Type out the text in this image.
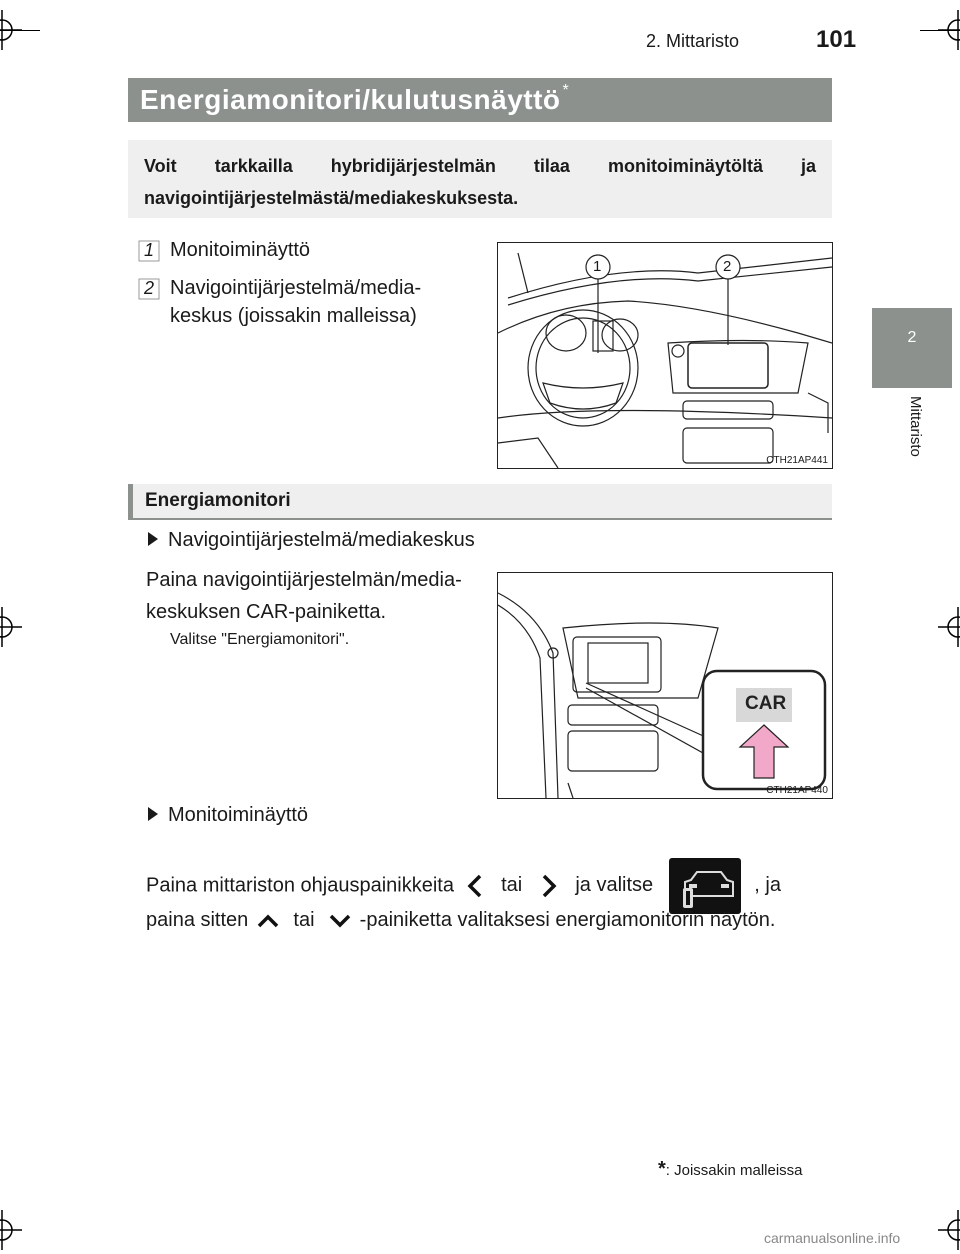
2. Mittaristo	101
Energiamonitori/kulutusnäyttö *
Voit tarkkailla hybridijärjestelmän tilaa monitoiminäytöltä ja navigointijärjestelmästä/mediakeskuksesta.
2
Mittaristo
1 Monitoiminäyttö
2 Navigointijärjestelmä/media-
keskus (joissakin malleissa)
1	2
CTH21AP441
Energiamonitori
Navigointijärjestelmä/mediakeskus
Paina navigointijärjestelmän/media-
keskuksen CAR-painiketta.
Valitse "Energiamonitori".
CAR
CTH21AP440
Monitoiminäyttö
Paina mittariston ohjauspainikkeita tai	ja valitse	, ja
paina sitten tai -painiketta valitaksesi energiamonitorin näytön.
*: Joissakin malleissa
carmanualsonline.info
